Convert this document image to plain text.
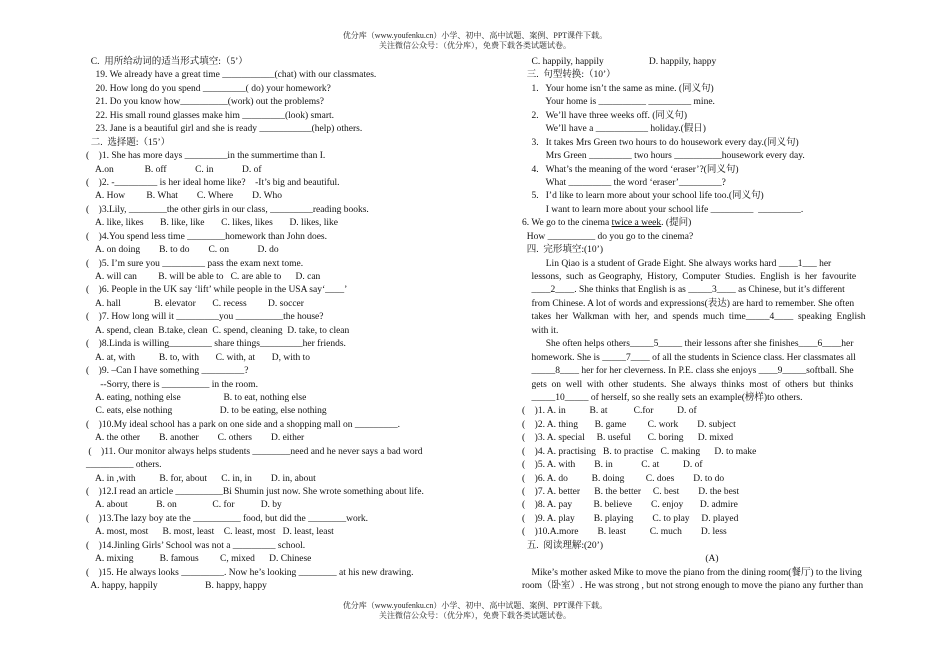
优分库（www.youfenku.cn）小学、初中、高中试题、案例、PPT课件下载。
关注微信公众号：（优分库），免费下载各类试题试卷。
C.  用所给动词的适当形式填空:（5’）
19. We already have a great time ___________(chat) with our classmates.
20. How long do you spend _________( do) your homework?
21. Do you know how__________(work) out the problems?
22. His small round glasses make him _________(look) smart.
23. Jane is a beautiful girl and she is ready ___________(help) others.
二.  选择题:（15’）
(    )1. She has more days _________in the summertime than I.
A.on             B. off            C. in            D. of
(    )2. -_________ is her ideal home like?    -It’s big and beautiful.
A. How         B. What        C. Where        D. Who
(    )3.Lily, ________the other girls in our class, _________reading books.
A. like, likes       B. like, like       C. likes, likes       D. likes, like
(    )4.You spend less time ________homework than John does.
A. on doing        B. to do        C. on            D. do
(    )5. I’m sure you _________ pass the exam next tome.
A. will can         B. will be able to   C. are able to      D. can
(    )6. People in the UK say ‘lift’ while people in the USA say‘____’
A. hall              B. elevator       C. recess         D. soccer
(    )7. How long will it _________you __________the house?
A. spend, clean  B.take, clean  C. spend, cleaning  D. take, to clean
(    )8.Linda is willing_________ share things_________her friends.
A. at, with          B. to, with       C. with, at       D, with to
(    )9. –Can I have something _________?
--Sorry, there is __________ in the room.
A. eating, nothing else                  B. to eat, nothing else
C. eats, else nothing                    D. to be eating, else nothing
(    )10.My ideal school has a park on one side and a shopping mall on _________.
A. the other        B. another        C. others        D. either
(    )11. Our monitor always helps students ________need and he never says a bad word
__________ others.
A. in ,with          B. for, about      C. in, in        D. in, about
(    )12.I read an article __________Bi Shumin just now. She wrote something about life.
A. about            B. on               C. for           D. by
(    )13.The lazy boy ate the __________ food, but did the ________work.
A. most, most      B. most, least    C. least, most   D. least, least
(    )14.Jinling Girls’ School was not a _________ school.
A. mixing           B. famous         C, mixed      D. Chinese
(    )15. He always looks _________. Now he’s looking ________ at his new drawing.
A. happy, happily                    B. happy, happy
C. happily, happily                   D. happily, happy
三.  句型转换:（10’）
1.   Your home isn’t the same as mine. (同义句)
Your home is __________ _________ mine.
2.   We’ll have three weeks off. (同义句)
We’ll have a ___________ holiday.(假日)
3.   It takes Mrs Green two hours to do housework every day.(同义句)
Mrs Green _________ two hours __________housework every day.
4.   What’s the meaning of the word ‘eraser’?(同义句)
What _________ the word ‘eraser’_________?
5.   I’d like to learn more about your school life too.(同义句)
I want to learn more about your school life _________  _________.
6. We go to the cinema twice a week. (提问)
How __________ do you go to the cinema?
四.  完形填空:(10’)
Lin Qiao is a student of Grade Eight. She always works hard ____1___ her
lessons,  such  as Geography,  History,  Computer  Studies.  English  is  her  favourite
____2____. She thinks that English is as _____3____ as Chinese, but it’s different
from Chinese. A lot of words and expressions(表达) are hard to remember. She often
takes  her  Walkman  with  her,  and  spends  much  time_____4____  speaking  English
with it.
She often helps others_____5_____ their lessons after she finishes____6____her
homework. She is _____7____ of all the students in Science class. Her classmates all
_____8____ her for her cleverness. In P.E. class she enjoys ____9_____softball. She
gets  on  well  with  other  students.  She  always  thinks  most  of  others  but  thinks
_____10_____ of herself, so she really sets an example(榜样)to others.
(    )1. A. in          B. at           C.for          D. of
(    )2. A. thing       B. game         C. work        D. subject
(    )3. A. special     B. useful       C. boring      D. mixed
(    )4. A. practising   B. to practise   C. making      D. to make
(    )5. A. with        B. in            C. at          D. of
(    )6. A. do          B. doing         C. does        D. to do
(    )7. A. better      B. the better     C. best        D. the best
(    )8. A. pay         B. believe        C. enjoy       D. admire
(    )9. A. play        B. playing        C. to play     D. played
(    )10.A.more        B. least          C. much        D. less
五.  阅读理解:(20’)
(A)
Mike’s mother asked Mike to move the piano from the dining room(餐厅) to the living
room（卧室）. He was strong , but not strong enough to move the piano any further than
优分库（www.youfenku.cn）小学、初中、高中试题、案例、PPT课件下载。
关注微信公众号：（优分库），免费下载各类试题试卷。
